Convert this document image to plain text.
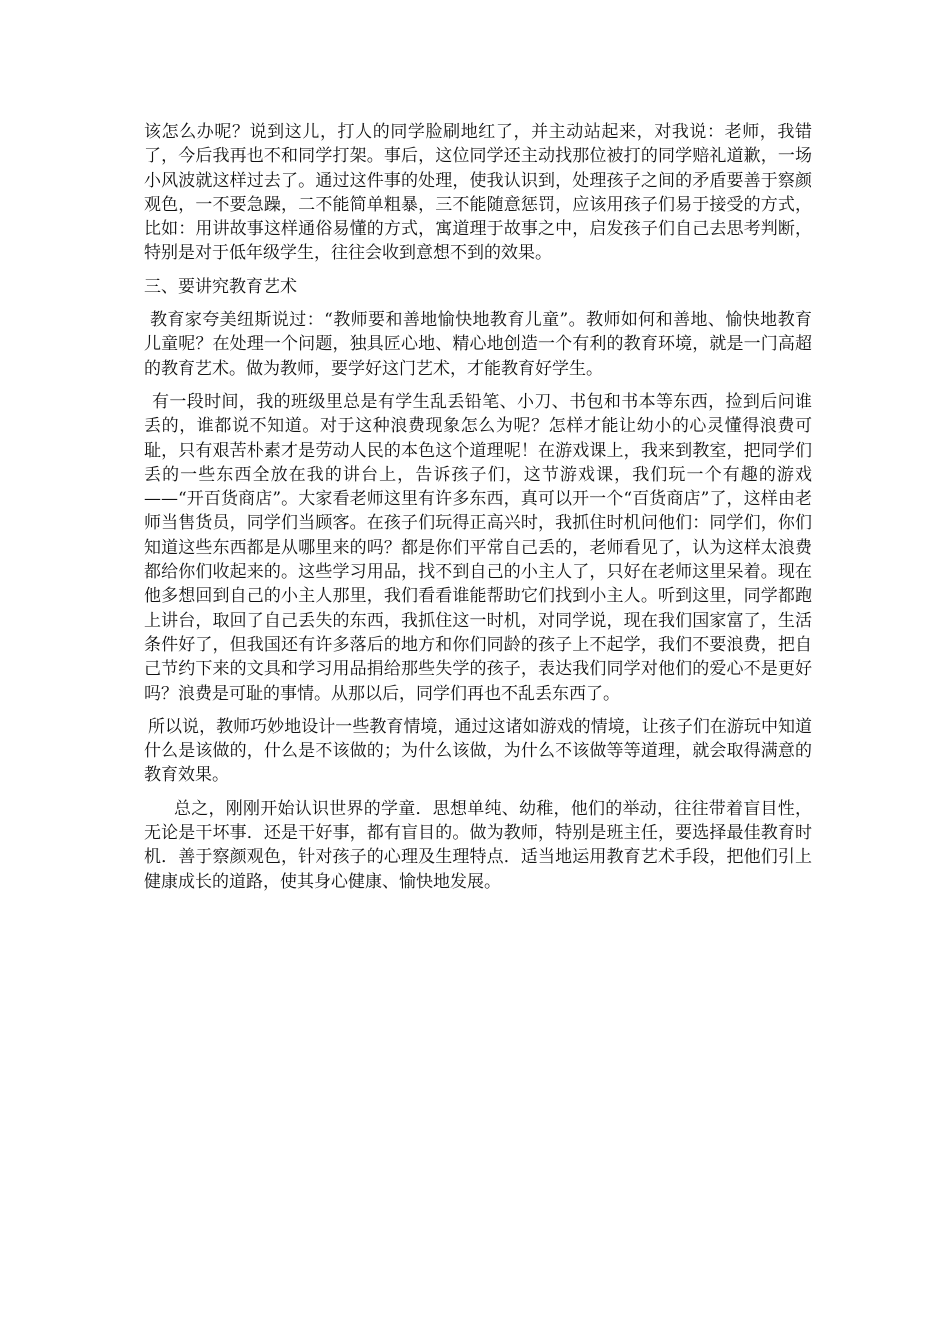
该怎么办呢？说到这儿，打人的同学脸刷地红了，并主动站起来，对我说：老师，我错了，今后我再也不和同学打架。事后，这位同学还主动找那位被打的同学赔礼道歉，一场小风波就这样过去了。通过这件事的处理，使我认识到，处理孩子之间的矛盾要善于察颜观色，一不要急躁，二不能简单粗暴，三不能随意惩罚，应该用孩子们易于接受的方式，比如：用讲故事这样通俗易懂的方式，寓道理于故事之中，启发孩子们自己去思考判断，特别是对于低年级学生，往往会收到意想不到的效果。

三、要讲究教育艺术

教育家夸美纽斯说过：“教师要和善地愉快地教育儿童”。教师如何和善地、愉快地教育儿童呢？在处理一个问题，独具匠心地、精心地创造一个有利的教育环境，就是一门高超的教育艺术。做为教师，要学好这门艺术，才能教育好学生。

有一段时间，我的班级里总是有学生乱丢铅笔、小刀、书包和书本等东西，捡到后问谁丢的，谁都说不知道。对于这种浪费现象怎么为呢？怎样才能让幼小的心灵懂得浪费可耻，只有艰苦朴素才是劳动人民的本色这个道理呢！在游戏课上，我来到教室，把同学们丢的一些东西全放在我的讲台上，告诉孩子们，这节游戏课，我们玩一个有趣的游戏——“开百货商店”。大家看老师这里有许多东西，真可以开一个“百货商店”了，这样由老师当售货员，同学们当顾客。在孩子们玩得正高兴时，我抓住时机问他们：同学们，你们知道这些东西都是从哪里来的吗？都是你们平常自己丢的，老师看见了，认为这样太浪费都给你们收起来的。这些学习用品，找不到自己的小主人了，只好在老师这里呆着。现在他多想回到自己的小主人那里，我们看看谁能帮助它们找到小主人。听到这里，同学都跑上讲台，取回了自己丢失的东西，我抓住这一时机，对同学说，现在我们国家富了，生活条件好了，但我国还有许多落后的地方和你们同龄的孩子上不起学，我们不要浪费，把自己节约下来的文具和学习用品捐给那些失学的孩子，表达我们同学对他们的爱心不是更好吗？浪费是可耻的事情。从那以后，同学们再也不乱丢东西了。

所以说，教师巧妙地设计一些教育情境，通过这诸如游戏的情境，让孩子们在游玩中知道什么是该做的，什么是不该做的；为什么该做，为什么不该做等等道理，就会取得满意的教育效果。

总之，刚刚开始认识世界的学童．思想单纯、幼稚，他们的举动，往往带着盲目性，无论是干坏事．还是干好事，都有盲目的。做为教师，特别是班主任，要选择最佳教育时机．善于察颜观色，针对孩子的心理及生理特点．适当地运用教育艺术手段，把他们引上健康成长的道路，使其身心健康、愉快地发展。
